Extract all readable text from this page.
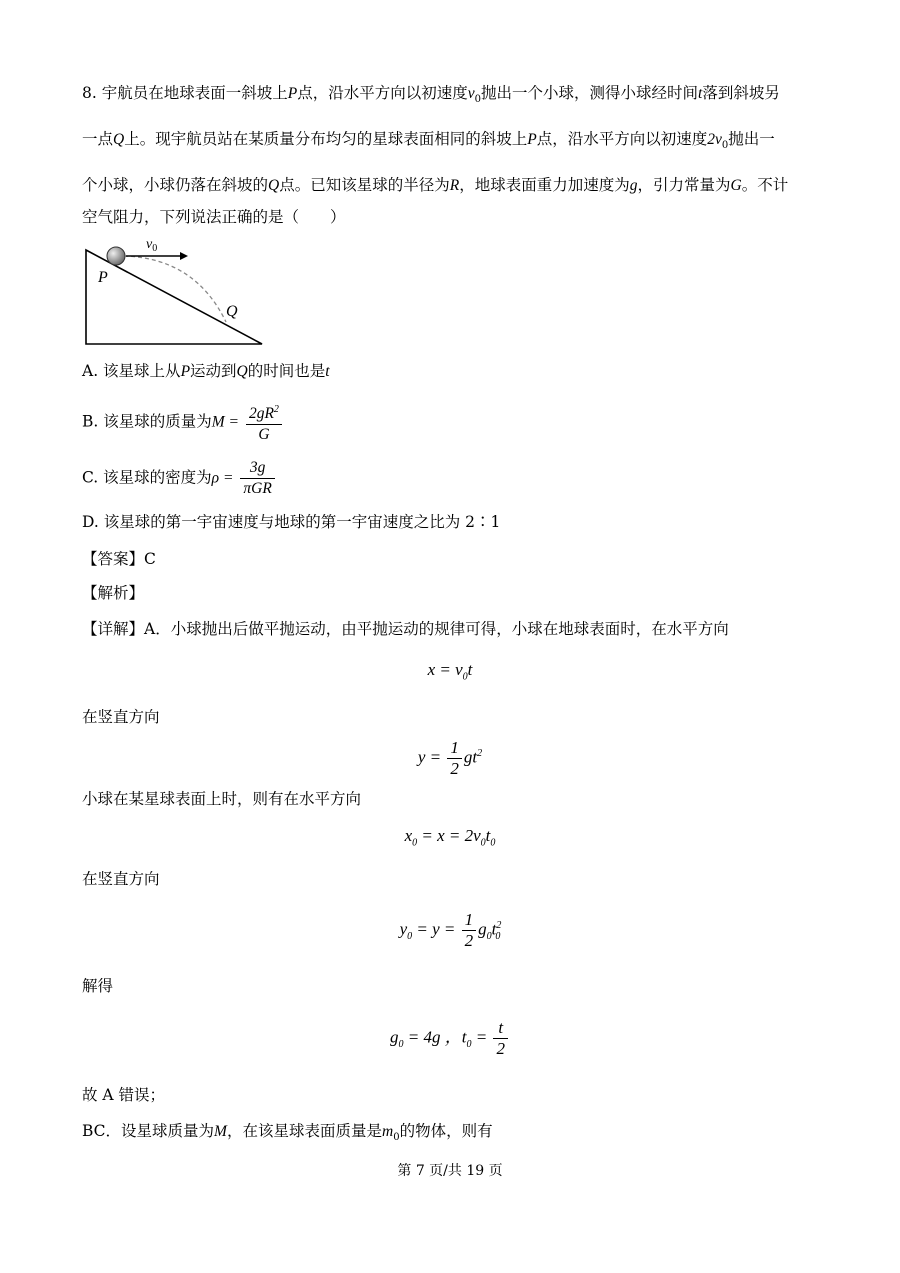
8. 宇航员在地球表面一斜坡上P点，沿水平方向以初速度$v_0$抛出一个小球，测得小球经时间t落到斜坡另
一点Q上。现宇航员站在某质量分布均匀的星球表面相同的斜坡上P点，沿水平方向以初速度$2v_0$抛出一
个小球，小球仍落在斜坡的Q点。已知该星球的半径为R，地球表面重力加速度为g，引力常量为G。不计
空气阻力，下列说法正确的是（　　）
$v_0$
P
Q
A. 该星球上从P运动到Q的时间也是t
B. 该星球的质量为$M = \frac{2gR^2}{G}$
C. 该星球的密度为$\rho = \frac{3g}{\text{πGR}}$
D. 该星球的第一宇宙速度与地球的第一宇宙速度之比为 2∶1
【答案】C
【解析】
【详解】A．小球抛出后做平抛运动，由平抛运动的规律可得，小球在地球表面时，在水平方向
$x = v_0t$
在竖直方向
$y = \frac{1}{2} gt^2$
小球在某星球表面上时，则有在水平方向
$x_0 = x = 2v_0t_0$
在竖直方向
$y_0 = y = \frac{1}{2} g_0t^2_0$
解得
$g_0 = 4g$ ，$t_0 = \frac{t}{2}$
故 A 错误；
BC．设星球质量为M，在该星球表面质量是$m_0$的物体，则有
第 7 页/共 19 页
